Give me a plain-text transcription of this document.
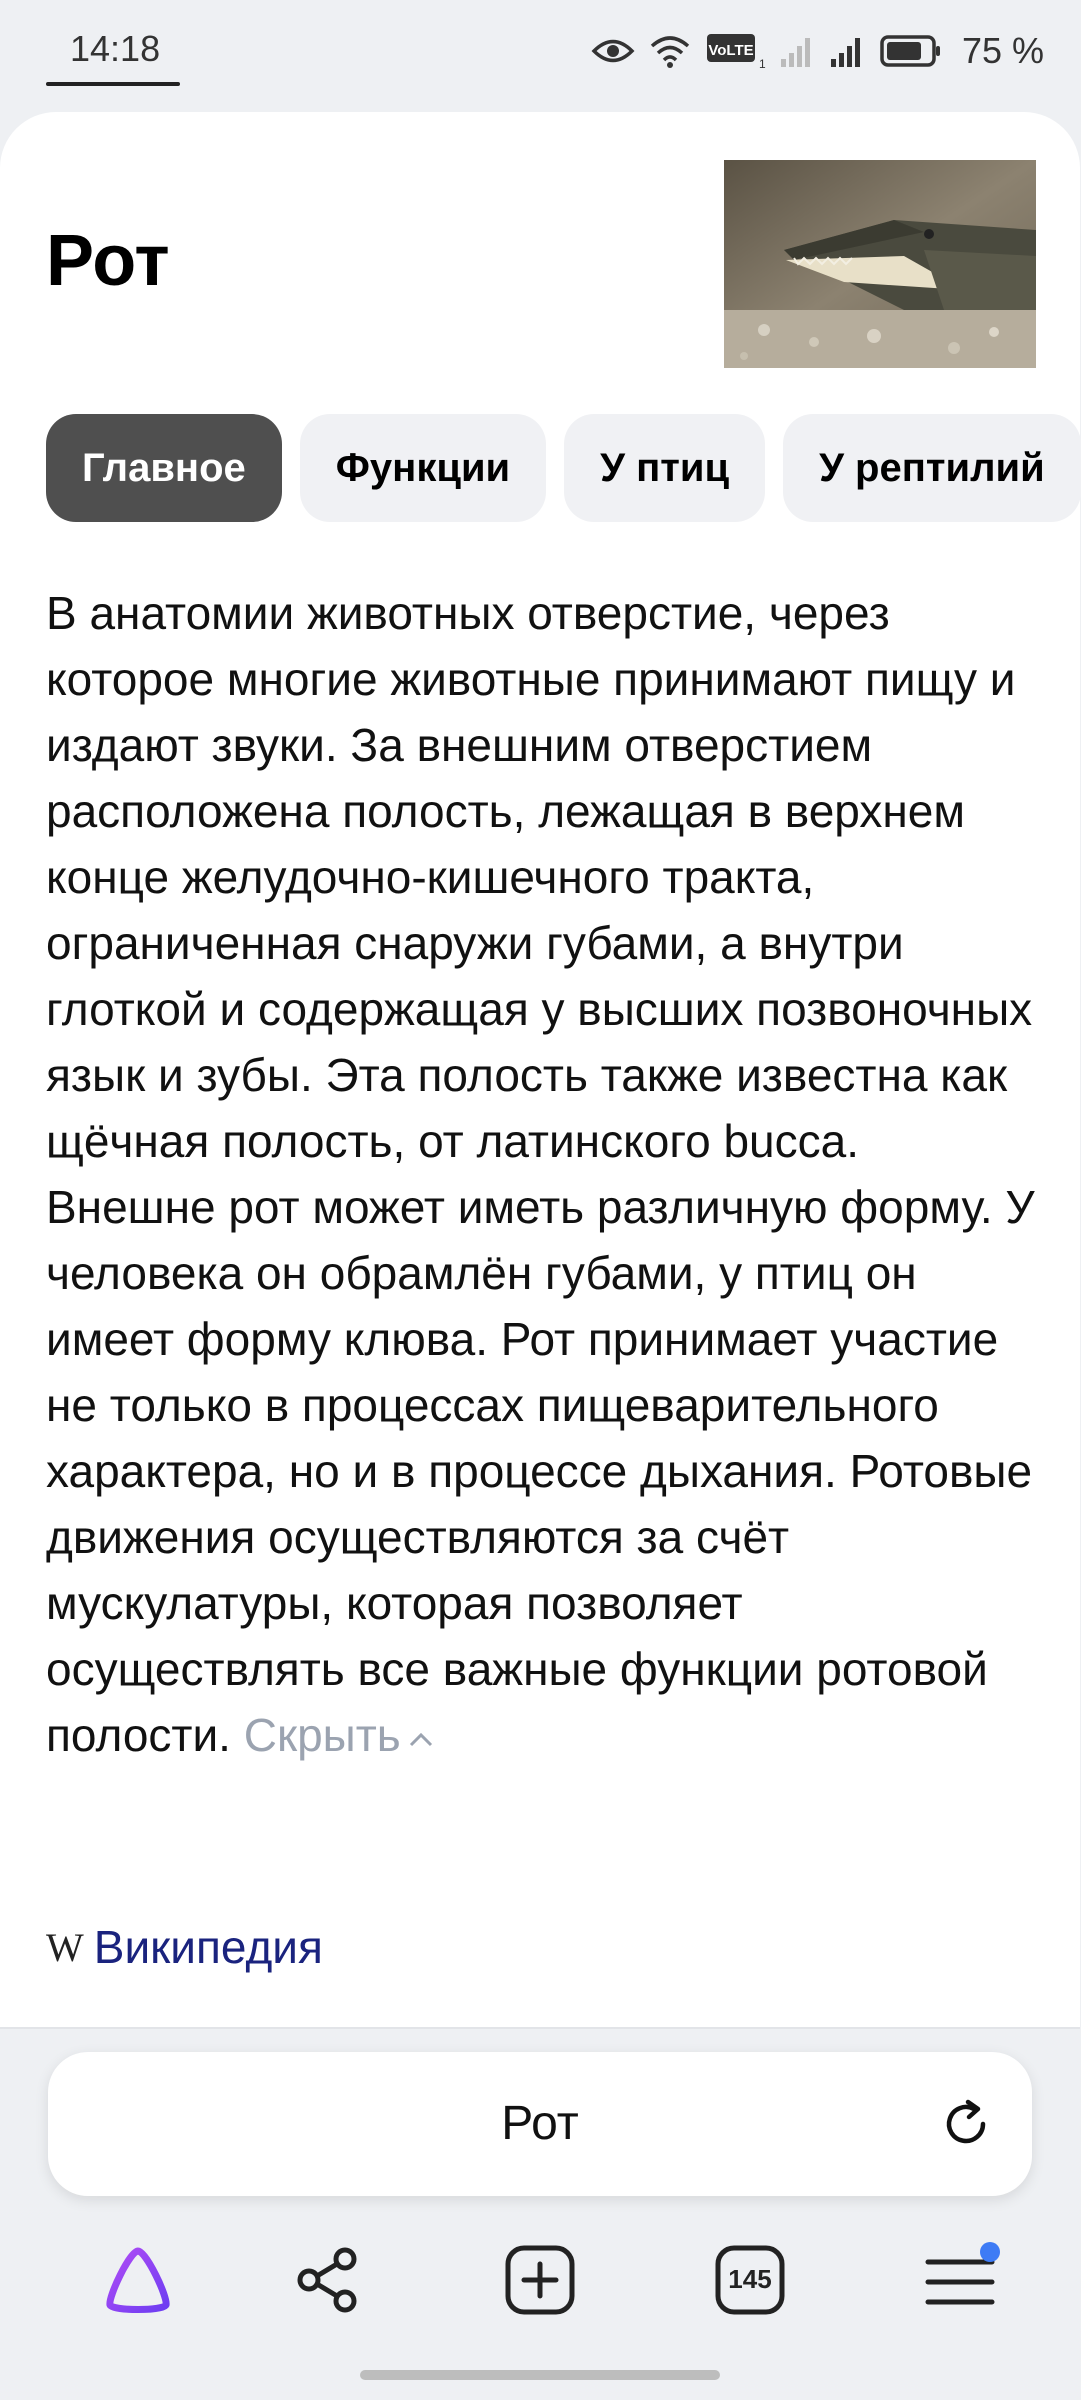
14:18	VoLTE
1	75 %
Рот
Главное	Функции	У птиц	У рептилий
В анатомии животных отверстие, через которое многие животные принимают пищу и издают звуки. За внешним отверстием расположена полость, лежащая в верхнем конце желудочно-кишечного тракта, ограниченная снаружи губами, а внутри глоткой и содержащая у высших позвоночных язык и зубы. Эта полость также известна как щёчная полость, от латинского bucca. Внешне рот может иметь различную форму. У человека он обрамлён губами, у птиц он имеет форму клюва. Рот принимает участие не только в процессах пищеварительного характера, но и в процессе дыхания. Ротовые движения осуществляются за счёт мускулатуры, которая позволяет осуществлять все важные функции ротовой полости. Скрыть
W Википедия
Рот
145
